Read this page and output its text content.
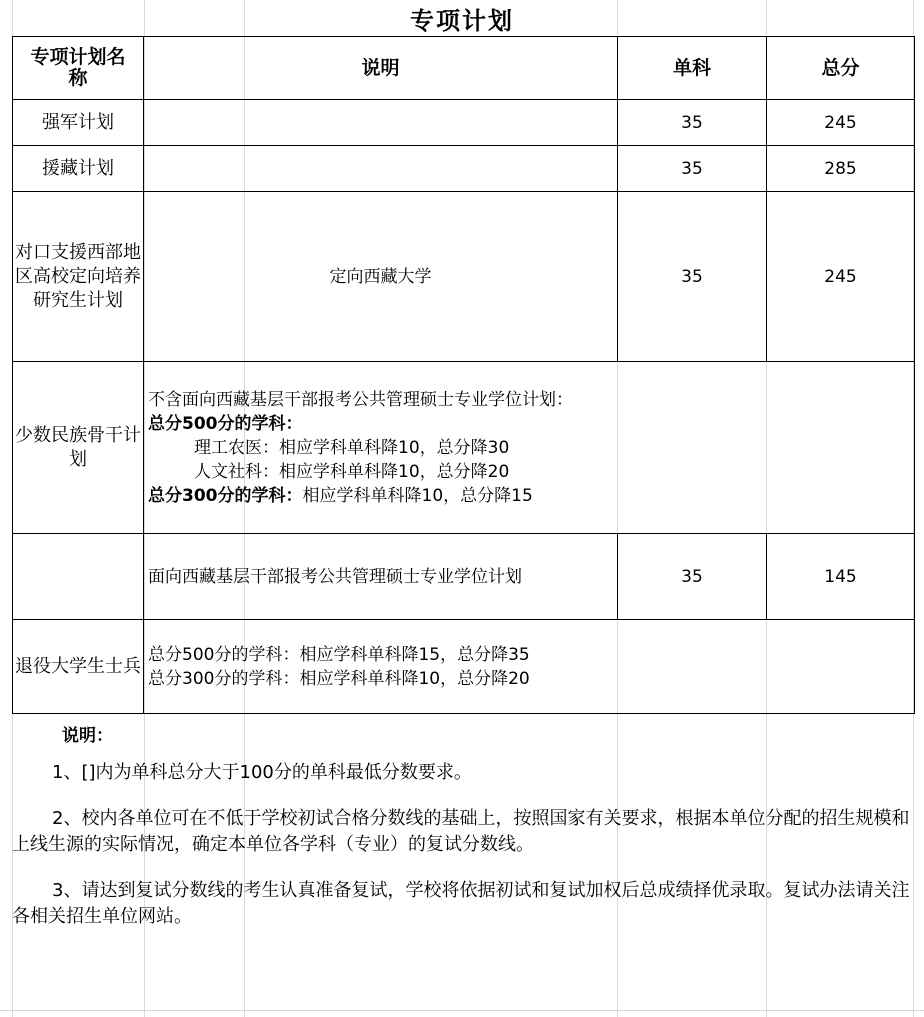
专项计划
专项计划名称	说明	单科	总分
强军计划		35	245
援藏计划		35	285
对口支援西部地区高校定向培养研究生计划	定向西藏大学	35	245
少数民族骨干计划	不含面向西藏基层干部报考公共管理硕士专业学位计划：
总分500分的学科：
理工农医：相应学科单科降10，总分降30
人文社科：相应学科单科降10，总分降20
总分300分的学科：相应学科单科降10，总分降15		

	面向西藏基层干部报考公共管理硕士专业学位计划	35	145
退役大学生士兵	总分500分的学科：相应学科单科降15，总分降35
总分300分的学科：相应学科单科降10，总分降20		
说明：

1、[]内为单科总分大于100分的单科最低分数要求。

2、校内各单位可在不低于学校初试合格分数线的基础上，按照国家有关要求，根据本单位分配的招生规模和上线生源的实际情况，确定本单位各学科（专业）的复试分数线。

3、请达到复试分数线的考生认真准备复试，学校将依据初试和复试加权后总成绩择优录取。复试办法请关注各相关招生单位网站。
